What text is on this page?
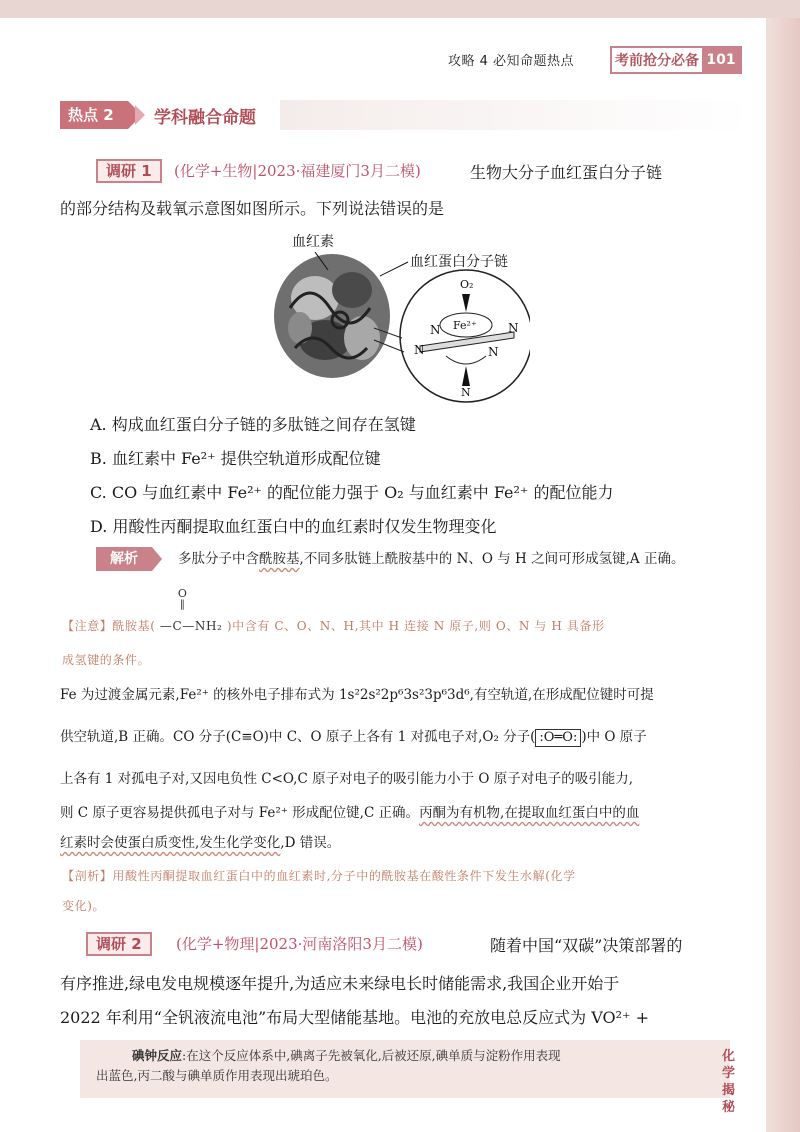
攻略 4 必知命题热点	考前抢分必备 101
热点 2	学科融合命题
调研 1	(化学+生物|2023·福建厦门3月二模)	生物大分子血红蛋白分子链
的部分结构及载氧示意图如图所示。下列说法错误的是
血红素
血红蛋白分子链
O₂
Fe²⁺
N	N
N	N
N
A. 构成血红蛋白分子链的多肽链之间存在氢键
B. 血红素中 Fe²⁺ 提供空轨道形成配位键
C. CO 与血红素中 Fe²⁺ 的配位能力强于 O₂ 与血红素中 Fe²⁺ 的配位能力
D. 用酸性丙酮提取血红蛋白中的血红素时仅发生物理变化
解析	多肽分子中含酰胺基,不同多肽链上酰胺基中的 N、O 与 H 之间可形成氢键,A 正确。
【注意】酰胺基(
O
‖
—C—NH₂ )中含有 C、O、N、H,其中 H 连接 N 原子,则 O、N 与 H 具备形
成氢键的条件。
Fe 为过渡金属元素,Fe²⁺ 的核外电子排布式为 1s²2s²2p⁶3s²3p⁶3d⁶,有空轨道,在形成配位键时可提
供空轨道,B 正确。CO 分子(C≡O)中 C、O 原子上各有 1 对孤电子对,O₂ 分子( :O═O: )中 O 原子
上各有 1 对孤电子对,又因电负性 C<O,C 原子对电子的吸引能力小于 O 原子对电子的吸引能力,
则 C 原子更容易提供孤电子对与 Fe²⁺ 形成配位键,C 正确。丙酮为有机物,在提取血红蛋白中的血
红素时会使蛋白质变性,发生化学变化,D 错误。
【剖析】用酸性丙酮提取血红蛋白中的血红素时,分子中的酰胺基在酸性条件下发生水解(化学
变化)。
调研 2	(化学+物理|2023·河南洛阳3月二模)	随着中国“双碳”决策部署的
有序推进,绿电发电规模逐年提升,为适应未来绿电长时储能需求,我国企业开始于
2022 年利用“全钒液流电池”布局大型储能基地。电池的充放电总反应式为 VO²⁺ +
碘钟反应:在这个反应体系中,碘离子先被氧化,后被还原,碘单质与淀粉作用表现
出蓝色,丙二酸与碘单质作用表现出琥珀色。
化学揭秘
